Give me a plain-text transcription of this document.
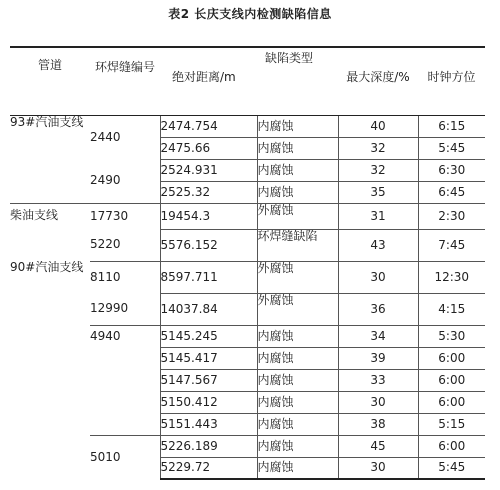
表2 长庆支线内检测缺陷信息
管道	环焊缝编号	绝对距离/m	缺陷类型	最大深度/%	时钟方位
93#汽油支线	2440	2474.754	内腐蚀	40	6:15
		2475.66	内腐蚀	32	5:45
	2490	2524.931	内腐蚀	32	6:30
		2525.32	内腐蚀	35	6:45
柴油支线	17730	19454.3	外腐蚀	31	2:30
	5220	5576.152	环焊缝缺陷	43	7:45
90#汽油支线	8110	8597.711	外腐蚀	30	12:30
	12990	14037.84	外腐蚀	36	4:15
	4940	5145.245	内腐蚀	34	5:30
		5145.417	内腐蚀	39	6:00
		5147.567	内腐蚀	33	6:00
		5150.412	内腐蚀	30	6:00
		5151.443	内腐蚀	38	5:15
	5010	5226.189	内腐蚀	45	6:00
		5229.72	内腐蚀	30	5:45
